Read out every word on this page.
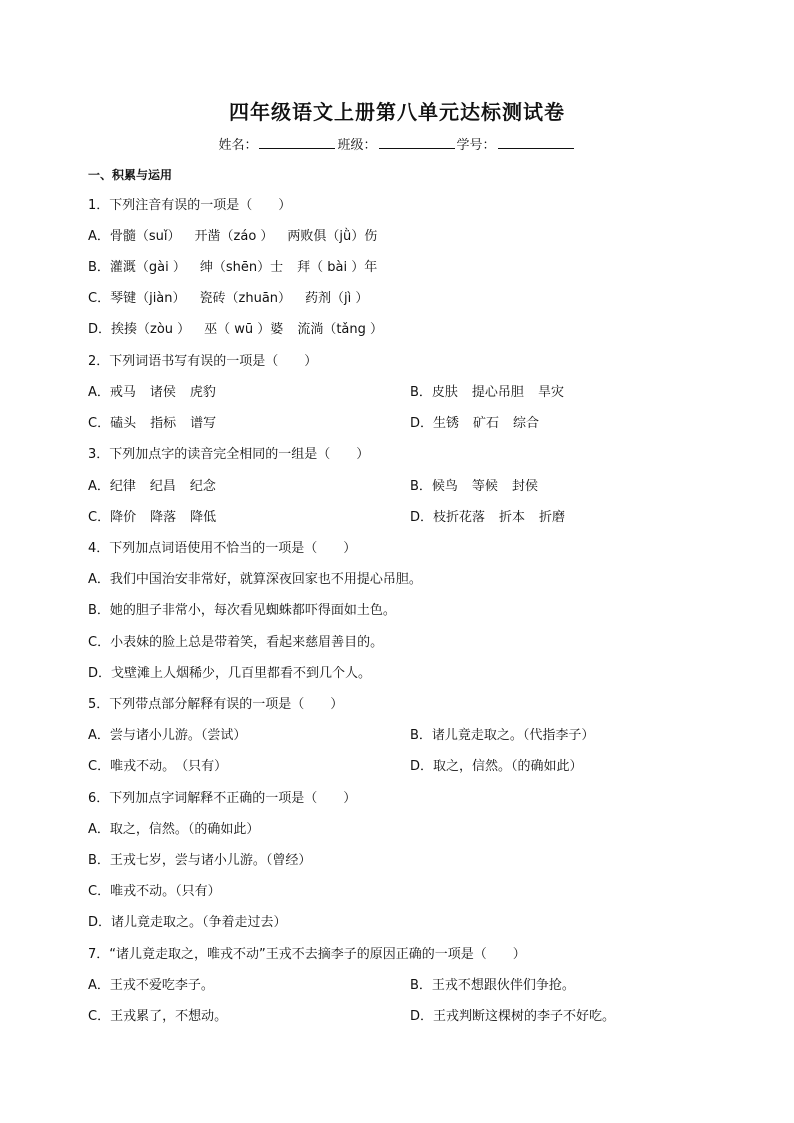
四年级语文上册第八单元达标测试卷
姓名：	班级：	学号：
一、积累与运用
1．下列注音有误的一项是（　　）
A．骨髓（suǐ） 开凿（záo ） 两败俱（jǜ）伤
B．灌溉（gài ） 绅（shēn）士 拜（ bài ）年
C．琴键（jiàn） 瓷砖（zhuān） 药剂（jì ）
D．挨揍（zòu ） 巫（ wū ）婆 流淌（tǎng ）
2．下列词语书写有误的一项是（　　）
A．戒马 诸侯 虎豹	B．皮肤 提心吊胆 旱灾
C．磕头 指标 谱写	D．生锈 矿石 综合
3．下列加点字的读音完全相同的一组是（　　）
A．纪律 纪昌 纪念	B．候鸟 等候 封侯
C．降价 降落 降低	D．枝折花落 折本 折磨
4．下列加点词语使用不恰当的一项是（　　）
A．我们中国治安非常好，就算深夜回家也不用提心吊胆。
B．她的胆子非常小，每次看见蜘蛛都吓得面如土色。
C．小表妹的脸上总是带着笑，看起来慈眉善目的。
D．戈壁滩上人烟稀少，几百里都看不到几个人。
5．下列带点部分解释有误的一项是（　　）
A．尝与诸小儿游。（尝试）	B．诸儿竟走取之。（代指李子）
C．唯戎不动。　（只有）	D．取之，信然。（的确如此）
6．下列加点字词解释不正确的一项是（　　）
A．取之，信然。（的确如此）
B．王戎七岁，尝与诸小儿游。（曾经）
C．唯戎不动。（只有）
D．诸儿竟走取之。（争着走过去）
7．“诸儿竟走取之，唯戎不动”王戎不去摘李子的原因正确的一项是（　　）
A．王戎不爱吃李子。	B．王戎不想跟伙伴们争抢。
C．王戎累了，不想动。	D．王戎判断这棵树的李子不好吃。
